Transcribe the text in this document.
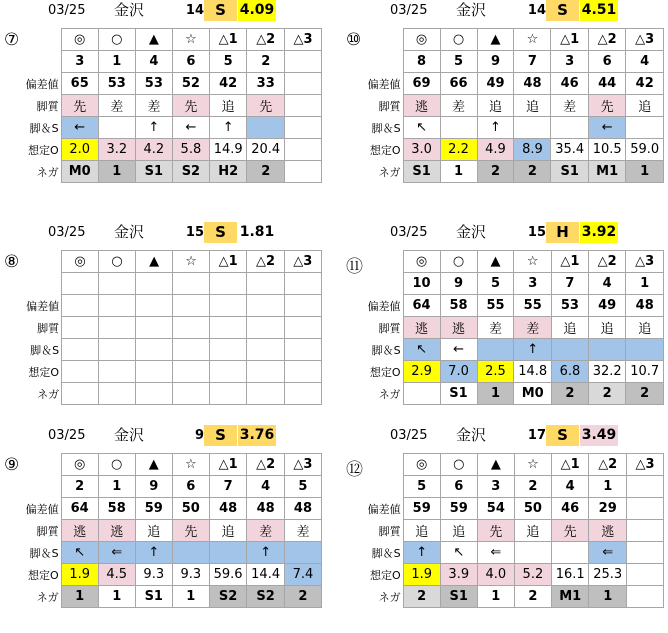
03/25 金沢	14 S 4.09
⑦
		◎	○	▲	☆	△1	△2	△3
	3	1	4	6	5	2	
偏差値	65	53	53	52	42	33	
脚質	先	差	差	先	追	先	
脚＆S	←		↑	←	↑		
想定O	2.0	3.2	4.2	5.8	14.9	20.4	
ネガ	M0	1	S1	S2	H2	2	
03/25 金沢	14 S 4.51
⑩
		◎	○	▲	☆	△1	△2	△3
	8	5	9	7	3	6	4
偏差値	69	66	49	48	46	44	42
脚質	逃	差	追	追	差	先	追
脚＆S	↖		↑			←	
想定O	3.0	2.2	4.9	8.9	35.4	10.5	59.0
ネガ	S1	1	2	2	S1	M1	1
03/25 金沢	15 S 1.81
⑧
		◎	○	▲	☆	△1	△2	△3

偏差値							
脚質							
脚＆S							
想定O							
ネガ							
03/25 金沢	15 H 3.92
⑪
		◎	○	▲	☆	△1	△2	△3
	10	9	5	3	7	4	1
偏差値	64	58	55	55	53	49	48
脚質	逃	逃	差	差	追	追	追
脚＆S	↖	←		↑			
想定O	2.9	7.0	2.5	14.8	6.8	32.2	10.7
ネガ		S1	1	M0	2	2	2
03/25 金沢	9 S 3.76
⑨
		◎	○	▲	☆	△1	△2	△3
	2	1	9	6	7	4	5
偏差値	64	58	59	50	48	48	48
脚質	逃	逃	追	先	追	差	差
脚＆S	↖	⇐	↑			↑	
想定O	1.9	4.5	9.3	9.3	59.6	14.4	7.4
ネガ	1	1	S1	1	S2	S2	2
03/25 金沢	17 S 3.49
⑫
		◎	○	▲	☆	△1	△2	△3
	5	6	3	2	4	1	
偏差値	59	59	54	50	46	29	
脚質	追	追	先	追	先	逃	
脚＆S	↑	↖	⇐			⇐	
想定O	1.9	3.9	4.0	5.2	16.1	25.3	
ネガ	2	S1	1	2	M1	1	
